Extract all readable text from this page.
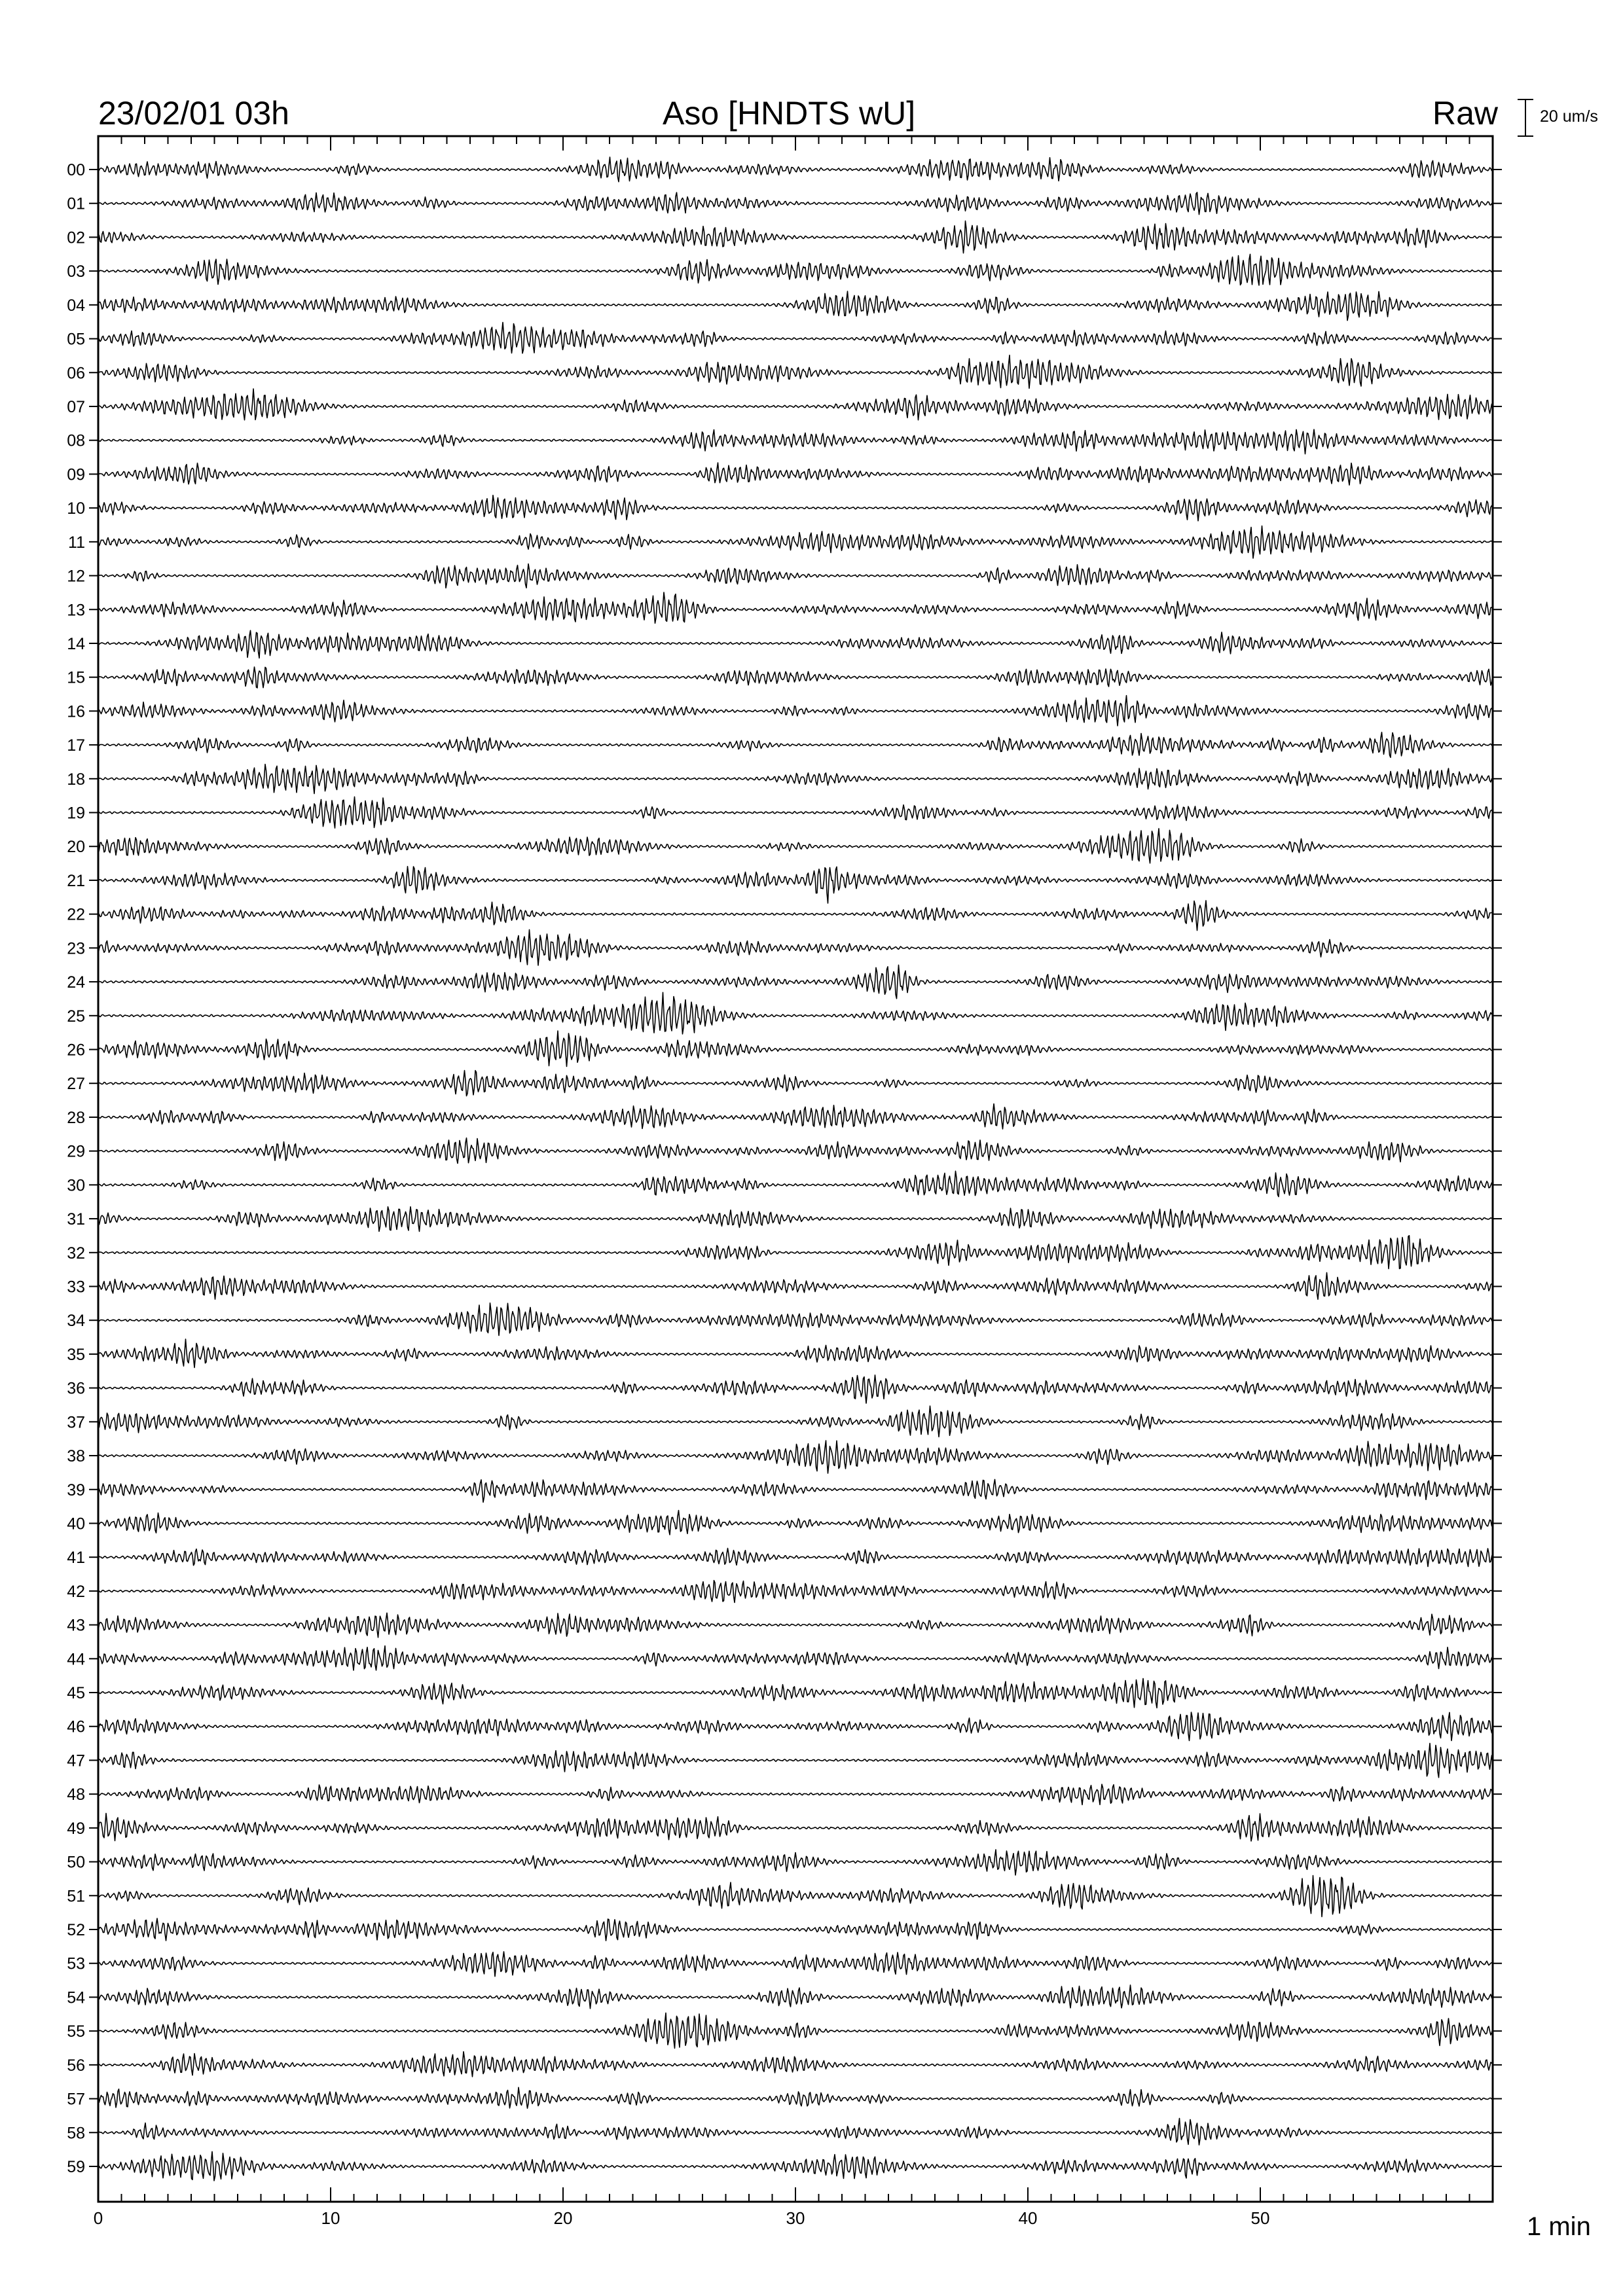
23/02/01 03h	Aso [HNDTS wU]	Raw	20 um/s
00
01
02
03
04
05
06
07
08
09
10
11
12
13
14
15
16
17
18
19
20
21
22
23
24
25
26
27
28
29
30
31
32
33
34
35
36
37
38
39
40
41
42
43
44
45
46
47
48
49
50
51
52
53
54
55
56
57
58
59
0	10	20	30	40	50	1 min
